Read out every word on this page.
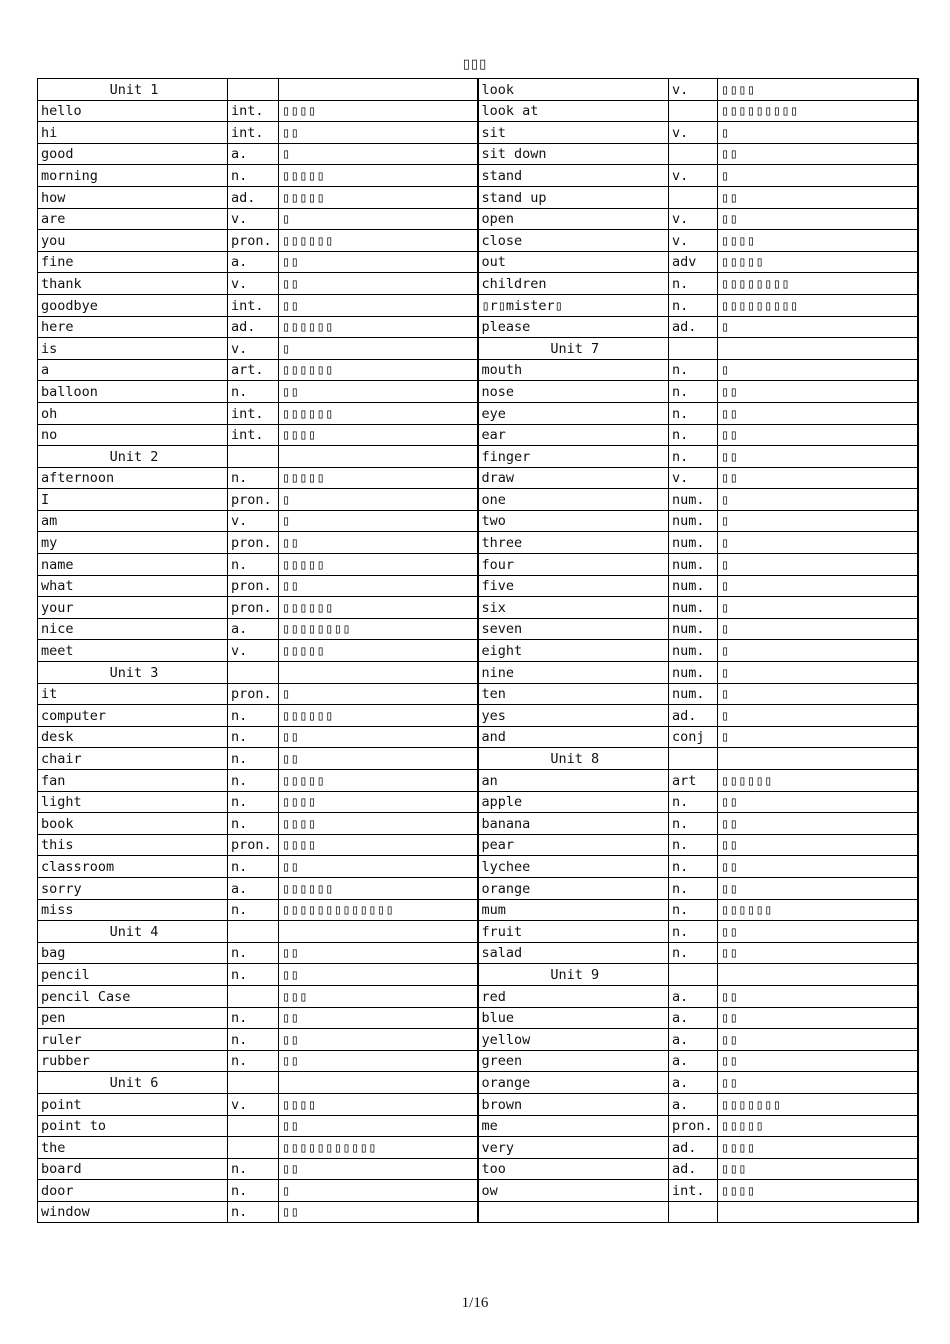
▯▯▯
Unit 1			look	v.	▯▯▯▯
hello	int.	▯▯▯▯	look at		▯▯▯▯▯▯▯▯▯
hi	int.	▯▯	sit	v.	▯
good	a.	▯	sit down		▯▯
morning	n.	▯▯▯▯▯	stand	v.	▯
how	ad.	▯▯▯▯▯	stand up		▯▯
are	v.	▯	open	v.	▯▯
you	pron.	▯▯▯▯▯▯	close	v.	▯▯▯▯
fine	a.	▯▯	out	adv	▯▯▯▯▯
thank	v.	▯▯	children	n.	▯▯▯▯▯▯▯▯
goodbye	int.	▯▯	▯r▯mister▯	n.	▯▯▯▯▯▯▯▯▯
here	ad.	▯▯▯▯▯▯	please	ad.	▯
is	v.	▯	Unit 7		
a	art.	▯▯▯▯▯▯	mouth	n.	▯
balloon	n.	▯▯	nose	n.	▯▯
oh	int.	▯▯▯▯▯▯	eye	n.	▯▯
no	int.	▯▯▯▯	ear	n.	▯▯
Unit 2			finger	n.	▯▯
afternoon	n.	▯▯▯▯▯	draw	v.	▯▯
I	pron.	▯	one	num.	▯
am	v.	▯	two	num.	▯
my	pron.	▯▯	three	num.	▯
name	n.	▯▯▯▯▯	four	num.	▯
what	pron.	▯▯	five	num.	▯
your	pron.	▯▯▯▯▯▯	six	num.	▯
nice	a.	▯▯▯▯▯▯▯▯	seven	num.	▯
meet	v.	▯▯▯▯▯	eight	num.	▯
Unit 3			nine	num.	▯
it	pron.	▯	ten	num.	▯
computer	n.	▯▯▯▯▯▯	yes	ad.	▯
desk	n.	▯▯	and	conj	▯
chair	n.	▯▯	Unit 8		
fan	n.	▯▯▯▯▯	an	art	▯▯▯▯▯▯
light	n.	▯▯▯▯	apple	n.	▯▯
book	n.	▯▯▯▯	banana	n.	▯▯
this	pron.	▯▯▯▯	pear	n.	▯▯
classroom	n.	▯▯	lychee	n.	▯▯
sorry	a.	▯▯▯▯▯▯	orange	n.	▯▯
miss	n.	▯▯▯▯▯▯▯▯▯▯▯▯▯	mum	n.	▯▯▯▯▯▯
Unit 4			fruit	n.	▯▯
bag	n.	▯▯	salad	n.	▯▯
pencil	n.	▯▯	Unit 9		
pencil Case		▯▯▯	red	a.	▯▯
pen	n.	▯▯	blue	a.	▯▯
ruler	n.	▯▯	yellow	a.	▯▯
rubber	n.	▯▯	green	a.	▯▯
Unit 6			orange	a.	▯▯
point	v.	▯▯▯▯	brown	a.	▯▯▯▯▯▯▯
point to		▯▯	me	pron.	▯▯▯▯▯
the		▯▯▯▯▯▯▯▯▯▯▯	very	ad.	▯▯▯▯
board	n.	▯▯	too	ad.	▯▯▯
door	n.	▯	ow	int.	▯▯▯▯
window	n.	▯▯			
1/16
